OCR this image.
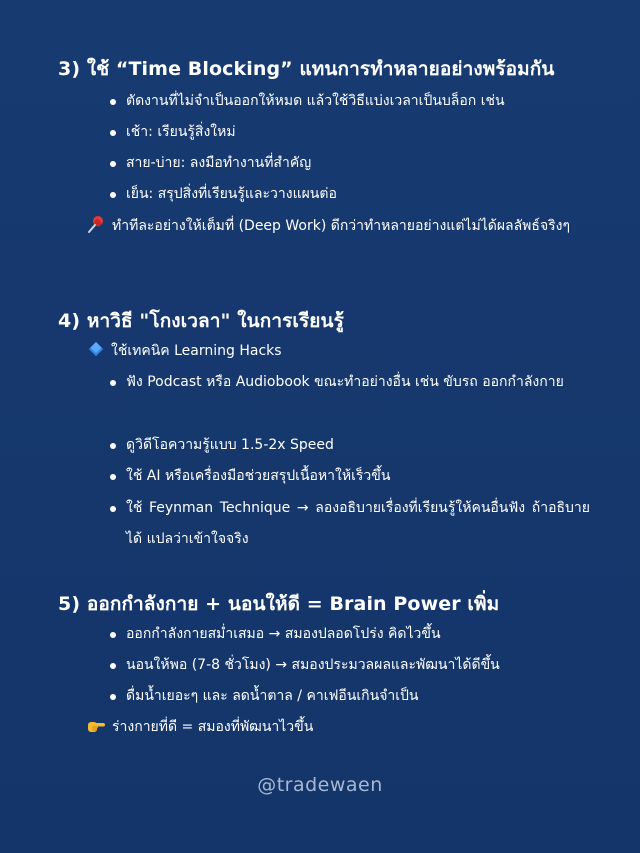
3) ใช้ “Time Blocking” แทนการทำหลายอย่างพร้อมกัน
ตัดงานที่ไม่จำเป็นออกให้หมด แล้วใช้วิธีแบ่งเวลาเป็นบล็อก เช่น
เช้า: เรียนรู้สิ่งใหม่
สาย-บ่าย: ลงมือทำงานที่สำคัญ
เย็น: สรุปสิ่งที่เรียนรู้และวางแผนต่อ
ทำทีละอย่างให้เต็มที่ (Deep Work) ดีกว่าทำหลายอย่างแต่ไม่ได้ผลลัพธ์จริงๆ
4) หาวิธี "โกงเวลา" ในการเรียนรู้
ใช้เทคนิค Learning Hacks
ฟัง Podcast หรือ Audiobook ขณะทำอย่างอื่น เช่น ขับรถ ออกกำลังกาย
ดูวิดีโอความรู้แบบ 1.5-2x Speed
ใช้ AI หรือเครื่องมือช่วยสรุปเนื้อหาให้เร็วขึ้น
ใช้ Feynman Technique → ลองอธิบายเรื่องที่เรียนรู้ให้คนอื่นฟัง ถ้าอธิบายได้ แปลว่าเข้าใจจริง
5) ออกกำลังกาย + นอนให้ดี = Brain Power เพิ่ม
ออกกำลังกายสม่ำเสมอ → สมองปลอดโปร่ง คิดไวขึ้น
นอนให้พอ (7-8 ชั่วโมง) → สมองประมวลผลและพัฒนาได้ดีขึ้น
ดื่มน้ำเยอะๆ และ ลดน้ำตาล / คาเฟอีนเกินจำเป็น
ร่างกายที่ดี = สมองที่พัฒนาไวขึ้น
@tradewaen
